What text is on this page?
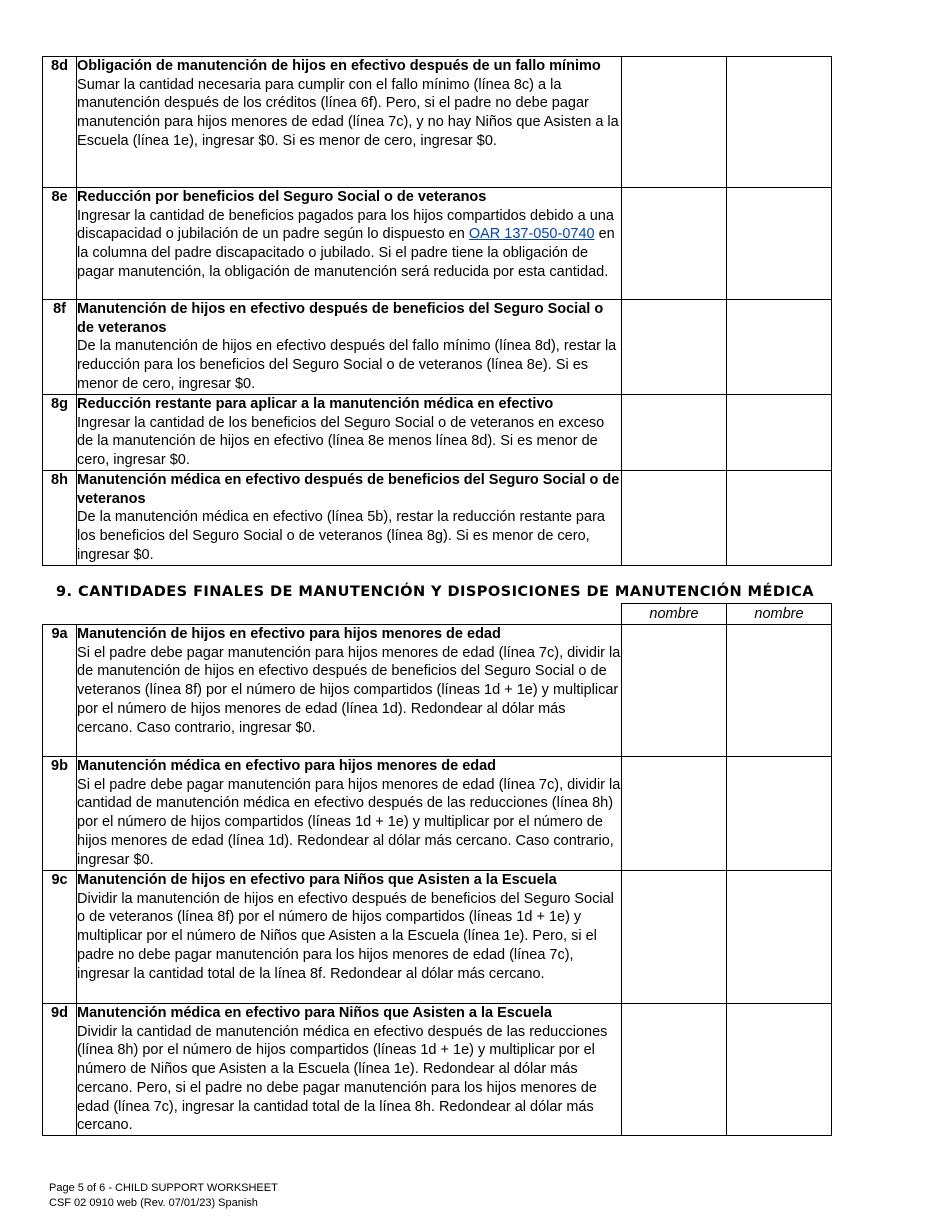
8d	Obligación de manutención de hijos en efectivo después de un fallo mínimo
Sumar la cantidad necesaria para cumplir con el fallo mínimo (línea 8c) a la manutención después de los créditos (línea 6f). Pero, si el padre no debe pagar manutención para hijos menores de edad (línea 7c), y no hay Niños que Asisten a la Escuela (línea 1e), ingresar $0. Si es menor de cero, ingresar $0.		

8e	Reducción por beneficios del Seguro Social o de veteranos
Ingresar la cantidad de beneficios pagados para los hijos compartidos debido a una discapacidad o jubilación de un padre según lo dispuesto en OAR 137-050-0740 en la columna del padre discapacitado o jubilado. Si el padre tiene la obligación de pagar manutención, la obligación de manutención será reducida por esta cantidad.		

8f	Manutención de hijos en efectivo después de beneficios del Seguro Social o de veteranos
De la manutención de hijos en efectivo después del fallo mínimo (línea 8d), restar la reducción para los beneficios del Seguro Social o de veteranos (línea 8e). Si es menor de cero, ingresar $0.		

8g	Reducción restante para aplicar a la manutención médica en efectivo
Ingresar la cantidad de los beneficios del Seguro Social o de veteranos en exceso de la manutención de hijos en efectivo (línea 8e menos línea 8d). Si es menor de cero, ingresar $0.		

8h	Manutención médica en efectivo después de beneficios del Seguro Social o de veteranos
De la manutención médica en efectivo (línea 5b), restar la reducción restante para los beneficios del Seguro Social o de veteranos (línea 8g). Si es menor de cero, ingresar $0.		

9. CANTIDADES FINALES DE MANUTENCIÓN Y DISPOSICIONES DE MANUTENCIÓN MÉDICA
nombre	nombre
9a	Manutención de hijos en efectivo para hijos menores de edad
Si el padre debe pagar manutención para hijos menores de edad (línea 7c), dividir la de manutención de hijos en efectivo después de beneficios del Seguro Social o de veteranos (línea 8f) por el número de hijos compartidos (líneas 1d + 1e) y multiplicar por el número de hijos menores de edad (línea 1d). Redondear al dólar más cercano. Caso contrario, ingresar $0.		

9b	Manutención médica en efectivo para hijos menores de edad
Si el padre debe pagar manutención para hijos menores de edad (línea 7c), dividir la cantidad de manutención médica en efectivo después de las reducciones (línea 8h) por el número de hijos compartidos (líneas 1d + 1e) y multiplicar por el número de hijos menores de edad (línea 1d). Redondear al dólar más cercano. Caso contrario, ingresar $0.		

9c	Manutención de hijos en efectivo para Niños que Asisten a la Escuela
Dividir la manutención de hijos en efectivo después de beneficios del Seguro Social o de veteranos (línea 8f) por el número de hijos compartidos (líneas 1d + 1e) y multiplicar por el número de Niños que Asisten a la Escuela (línea 1e). Pero, si el padre no debe pagar manutención para los hijos menores de edad (línea 7c), ingresar la cantidad total de la línea 8f. Redondear al dólar más cercano.		

9d	Manutención médica en efectivo para Niños que Asisten a la Escuela
Dividir la cantidad de manutención médica en efectivo después de las reducciones (línea 8h) por el número de hijos compartidos (líneas 1d + 1e) y multiplicar por el número de Niños que Asisten a la Escuela (línea 1e). Redondear al dólar más cercano. Pero, si el padre no debe pagar manutención para los hijos menores de edad (línea 7c), ingresar la cantidad total de la línea 8h. Redondear al dólar más cercano.		

Page 5 of 6 - CHILD SUPPORT WORKSHEET
CSF 02 0910 web (Rev. 07/01/23) Spanish
